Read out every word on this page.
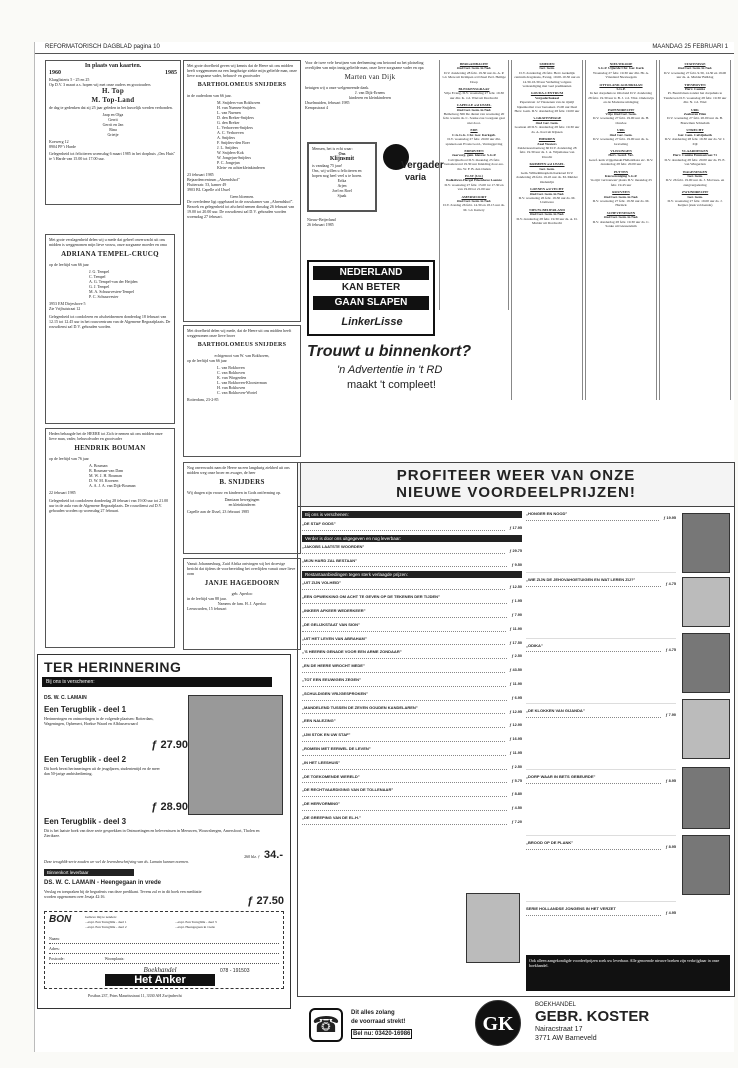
REFORMATORISCH DAGBLAD pagina 10	MAANDAG 25 FEBRUARI 1
In plaats van kaarten.
1960	1985
Klaaglisterts 5 - 25 en 25
Op D.V. 3 maart a.s. hopen wij met onze ouders en grootouders
H. Top
M. Top-Land
de dag te gedenken dat zij 25 jaar geleden in het huwelijk werden verbonden.
Jaap en Olga
Gerrit
Gerrit en Jan
Rina
Grietje
Koewerg 12
8904 PP 't Harde
Gelegenheid tot feliciteren woensdag 6 maart 1985 in het dorphuis „Ons Huis" te 't Harde van 15.00 tot 17.00 uur.
Met grote verslagenheid delen wij u mede dat geheel onverwacht uit ons midden is weggenomen mijn lieve vrouw, onze zorgzame moeder en oma
ADRIANA TEMPEL-CRUCQ
op de leeftijd van 66 jaar
J. G. Tempel
C. Tempel
A. G. Tempel-van der Heijden
G. J. Tempel
M. A. Schuurvesten-Tempel
P. C. Schuurvester
3953 EM Dirjeshove 5
Zie Vrijhuistraat 12
Gelegenheid tot condoleren en afscheidnemen donderdag 18 februari van 12.15 tot 12.45 uur in het rouwcentrum van de Algemene Begraafplaats. De rouwdienst zal D.V. gehouden worden.
Met grote droefheid geven wij kennis dat de Heere uit ons midden heeft weggenomen na een langdurige ziekte mijn geliefde man, onze lieve zorgzame vader, behuwd- en grootvader
BARTHOLOMEUS SNIJDERS
in de ouderdom van 66 jaar.
M. Snijders-van Bokhoven
H. van Nuenen-Snijders
L. van Nuenen
D. den Breker-Snijders
G. den Breker
L. Verhoeven-Snijders
A. C. Verhoeven
A. Snijders
F. Snijders-den Boer
J. L. Snijders
W. Snijders-Kok
W. Jongejan-Snijders
P. C. Jongejan
Klein- en achterkleinkinderen
23 februari 1985
Bejaardencentrum „Ahrendshof"
Fluitersatr. 53, kamer 49
3903 BL Capelle a/d IJssel
Geen bloemen.
De overledene ligt opgebaard in de rouwkamer van „Ahrendshof". Bezoek en gelegenheid tot afscheid nemen dinsdag 26 februari van 19.00 tot 20.00 uur. De rouwdienst zal D.V. gehouden worden woensdag 27 februari.
Met droefheid delen wij mede, dat de Heere uit ons midden heeft weggenomen onze lieve broer
BARTHOLOMEUS SNIJDERS
echtgenoot van W. van Bokhoven,
op de leeftijd van 66 jaar
L. van Bokhoven
C. van Bokhoven
K. van Wingerden
L. van Bokhoven-Kloosterman
H. van Bokhoven
C. van Bokhoven-Wortel
Rotterdam, 23-2-85
Voor de twee vele bewijzen van deelneming ons betoond na het plotseling overlijden van mijn innig geliefde man, onze lieve zorgzame vader en opa
Marten van Dijk
betuigen wij u onze welgemeende dank.
J. van Dijk-Ernens
kinderen en kleinkinderen
IJsselmuiden, februari 1985
Kempsstraat 4
Mensen, het is echt waar:
Ons
Klijnsmit
is vandaag 75 jaar!
Ons, wij willen u feliciteren en hopen nog heel veel u te horen.
Erika
Arjen
Joel en Roel
Sjaak
Nieuw-Beijerland
26 februari 1985
Vergader
varia
BERGAMBACHT
Oud Ger. Gem. in Ned.
D.V. donderdag 28 febr. 19.30 uur ds. A. P. v.d. Mere uit Krimpen a/d IJssel Perl. Heilige Doop
BLESKENSGRAAF
Vrije Evang. D.V. woensdag 27 febr. 19.30 uur dhr. K. v.d. Wiel uit Dordrecht
CAPELLE a/d IJSSEL
Oud Ger. Gem. in Ned.
Bethelweg 366 De dienst van woensdag 20 febr. waarin ds. C. Sonke zou voorgaan gaat niet door.
EDE
C.G.G.G. Chr. Ger. Kerkgeb.
D.V. woensdag 27 febr. 20.00 uur dhr. spreken een Evans Gord., Verslaggeving
EDERVEEN
Jaarverg. gem. kiesver. S.G.P.
Calvijnschool D.V. maandag 25 febr. bezoekavond 19.30 uur Inleiding door ere. ths. W. F. B. den Ouden
ELST (Utr.)
Kolkdreve-Hergel Eikenhove Laatste
D.V. woensdag 27 febr. 15.00 tot 17.30 en van 19.00 tot 21.00 uur
AMERSFOORT
Oud Ger. Gem. in Ned.
D.V. Zondag 26 febr. 14.30 en 18.15 uur ds. M. v.d. Kettery
SMEDEN
Ger. Gem.
D.V. donderdag 26 febr. Herv. kerkelijk centrum dragdaans, Evang. 10.00-10.30 uur en 14.30-16.30 uur Verhaling volgens verkondiging met veel predikanten
GOUDA-CENTRUM
Vergaderhokaal
Paperstraat 12 Viaszenen van de rijstijl bijeenkomst voor bezoeken 15.00 uur Deel Herv. Gem. D.V. donderdag 28 febr. 19.00 uur
's-GRAVENHAGE
Oud Ger. Gem.
Goelaan 49 D.V. donderdag 28 febr. 19.30 uur ds. A. Kort uit Rijssen
HIERDEN
Zaal Westers
Zuiderzeestraatweg 60 D.V. donderdag 28 febr. 19.30 uur ds. J. A. Wijsmanse van Utrecht
KRIMPEN a/d IJSSEL
Ger. Gem.
Gem. Wilhelminaplein Kerkzaal D.V. donderdag 26 febr. 19.45 uur ds. M. Mulder Oudenrijn
LOENEN a/d VECHT
Oud Ger. Gem. in Ned.
D.V. woensdag 26 febr. 19.30 uur ds. M. Uomwere
NIEUW-BEIJERLAND
Oud Ger. Gem. in Ned.
D.V. donderdag 28 febr. 19.30 uur ds. A. D. Mulder uit Dordrecht
NIEUWKOOP
S.G.P. Uijterde Chr. Ger. Kerk
Woensdag 27 febr. 19.30 uur dhr. Hr. A. Vriesland Nieuwegein
OTTOLAND-GOUDRIAAN
S.G.P.
In het dorpshuis te Ottoland D.V. donderdag 28 febr. 19.30 uur ir. B. J. v.d. Vlist. Onderwijs en de Moderne uitdaging
PAPENDRECHT
Vrije Oud Ger. Gem.
D.V. woensdag 27 febr. 19.00 uur ds. H. Ouwlee
URK
Oud Ger. Gem.
D.V. woensdag 27 febr. 19.00 uur ds. G. Greveling
VLISSINGEN
Herv. Geref. Ver.
Geref. kerk vrijgemaakt Hellenblaza etc. D.V. donderdag 28 febr. 20.00 uur
PUTTEN
Kiesvereniging S.G.P.
'in zijn' vertrouwen' plaats D.V. maandag 25 febr. 19.45 uur
ROUVEEN
Oud Ger. Gem. in Ned.
D.V. woensdag 27 febr. 19.30 uur ds. M. Harinck
SCHEVENINGEN
Oud Ger. Gem. in Ned.
D.V. donderdag 28 febr. 19.30 uur ds. C. Sonke uit Giessendam
STAVENISSE
Oud Ger. Gem. in Ned.
D.V. woensdag 27 febr. 9.30, 14.30 en 19.00 uur ds. A. Mulder Bidldag
TIENHOVEN
Herv. Comite
Pr. Beatrixlaan zonder het dorpshuis te Tienhoven D.V. woensdag 28 febr. 19.30 uur dhr. N. v.d. Wiel
URK
Zeehaven Elim
D.V. woensdag 27 febr. 20.00 uur ds. B. Bouwman Schiedam
UTRECHT
Ger. Gem. Calvijnkerk
D.V. donderdag 28 febr. 19.30 uur ds. W. J. Zijl
VLAARDINGEN
Herv. Comite Emmastraat 71
D.V. donderdag 28 febr. 20.00 uur ds. H. E. van Wingerden
WAGENINGEN
Ger. Gem.
D.V. 26 febr. 19.00 uur ds. J. Mol lees- en zangvergadering
ZWIJNDRECHT
Ger. Gem.
D.V. woensdag 27 febr. 19.00 uur ds. J. Keijzer (ziek voldoende)
NEDERLAND
KAN BETER
GAAN SLAPEN
LinkerLisse
Trouwt u binnenkort?
'n Advertentie in 't RD
maakt 't compleet!
TER HERINNERING
Bij ons is verschenen:
DS. W. C. LAMAIN
Een Terugblik - deel 1
Herinneringen en ontmoetingen in de volgende plaatsen: Rotterdam, Wageningen, Ophemert, Hoekse Waard en Alblasserwaard
ƒ 27.90
Een Terugblik - deel 2
Dit boek bevat herinneringen uit de jeugdjaren, studententijd en de meer dan 50-jarige ambtsbediening.
ƒ 28.90
Een Terugblik - deel 3
Dit is het laatste boek van deze serie gesprekken in Ontmoetingen en belevenissen in Meeuwen, Wouwsbergen, Amersfoort, Tholen en Zierikzee.
260 blz. ƒ 34.-
Deze terugblik-serie zouden we wel de levensbeschrijving van ds. Lamain kunnen noemen.
Binnenkort leverbaar
DS. W. C. LAMAIN - Heengegaan in vrede
Verslag en toespraken bij de begrafenis van deze predikant. Tevens zal er in dit boek een meditatie worden opgenomen over Jesaja 42:16.	ƒ 27.50
BON	Gelieve mij te zenden:
...expl. Een Terugblik - deel 1
...expl. Een Terugblik - deel 2
...expl. Een Terugblik - deel 3
...expl. Heengegaan in vrede
Naam:
Adres:
Postcode:	Woonplaats:
Boekhandel
Het Anker
078 - 191503
Postbus 237, Prins Mauritsstraat 11, 3330 AH Zwijndrecht
PROFITEER WEER VAN ONZE
NIEUWE VOORDEELPRIJZEN!
Bij ons is verschenen:
„DE STAF GODS"
ƒ 17.95
Verder is door ons uitgegeven en nog leverbaar:
„JAKOBS LAATSTE WOORDEN"
ƒ 29.75
„MIJN HARD ZAL BESTAAN"
ƒ 9.50
Restantaanbiedingen tegen sterk verlaagde prijzen:
„UIT ZIJN VOLHEID"
ƒ 12.50
„EEN OPWEKKING OM ACHT TE GEVEN OP DE TEKENEN DER TIJDEN"
ƒ 1.95
„INKEER AFKEER WEDERKEER"
ƒ 7.90
„DE GELIJKSTAAT VAN SION"
ƒ 11.90
„UIT HET LEVEN VAN ABRAHAM"
ƒ 17.50
„'S HEEREN GENADE VOOR EEN ARME ZONDAAR"
ƒ 2.50
„EN DE HEERE WROCHT MEDE"
ƒ 43.50
„TOT EEN EEUWIGEN ZEGEN"
ƒ 11.90
„SCHULDIGEN VRIJGESPROKEN"
ƒ 6.95
„MANDELEND TUSSEN DE ZEVEN GOUDEN KANDELAREN"
ƒ 12.95
„EEN NALEZING"
ƒ 12.90
„IJM STOK EN UW STAF"
ƒ 16.95
„ROMEIN MET EERWEL DE LEVEN"
ƒ 11.95
„IN HET LEESHUIS"
ƒ 2.50
„DE TOEKOMENDE WERELD"
ƒ 5.75
„DE RECHTVAARDIGING VAN DE TOLLENAAR"
ƒ 8.80
„DE HERVORMING"
ƒ 4.50
„DE GREEPING VAN DE EL.H."
ƒ 7.20
„HONGER EN NOOD"
ƒ 19.95
„WIE ZIJN DE JEHOVAHGETUIGEN EN WAT LEREN ZIJ?"
ƒ 4.75
„ODIKA"
ƒ 4.75
„DE KLOKKEN VAN GIJANDA"
ƒ 7.90
„DORP WAAR IN BETS GEBEURDE"
ƒ 8.95
„BROOD OP DE PLANK"
ƒ 8.95
SERIE HOLLANDSE JONGENS IN HET VERZET
ƒ 4.95
Ook alleen aangekondigde voordeelprijzen zoek uw leverbaar. Alle genoemde nieuwe boeken zijn verkrijgbaar in onze boekhandel.
☎	Dit alles zolang
de voorraad strekt!
Bel nu: 03420-16986	GK
BOEKHANDEL
GEBR. KOSTER
Nairacstraat 17
3771 AW Barneveld
Nog onverwacht nam de Heere na een langdurig ziekbed uit ons midden weg onze broer en zwager, de heer
B. SNIJDERS
Wij dragen zijn vrouw en kinderen in Gods ontferming op.
Damiaan bewegingen
en kleinkinderen
Capelle aan de IJssel, 23 februari 1985
Vanuit Johannesburg, Zuid Afrika ontvingen wij het droevige bericht dat tijdens de voorbereiding het overlijden vanuit onze lieve oom
JANJE HAGEDOORN
geb. Aperloo
in de leeftijd van 88 jaar.
Namens de fam. H. J. Aperloo
Leeuwarden, 15 februari
Heden behaagde het de HEERE tot Zich te nemen uit ons midden onze lieve man, vader, behuwdvader en grootvader
HENDRIK BOUMAN
op de leeftijd van 76 jaar
A. Bouman
B. Bouman-van Dam
M. W. J. H. Bouman
D. W. M. Kroezen
A. A. J. A. van Dijk-Bouman
22 februari 1985
Gelegenheid tot condoleren donderdag 28 februari van 19.00 uur tot 21.00 uur in de aula van de Algemene Begraafplaats. De rouwdienst zal D.V. gehouden worden op woensdag 27 februari.
